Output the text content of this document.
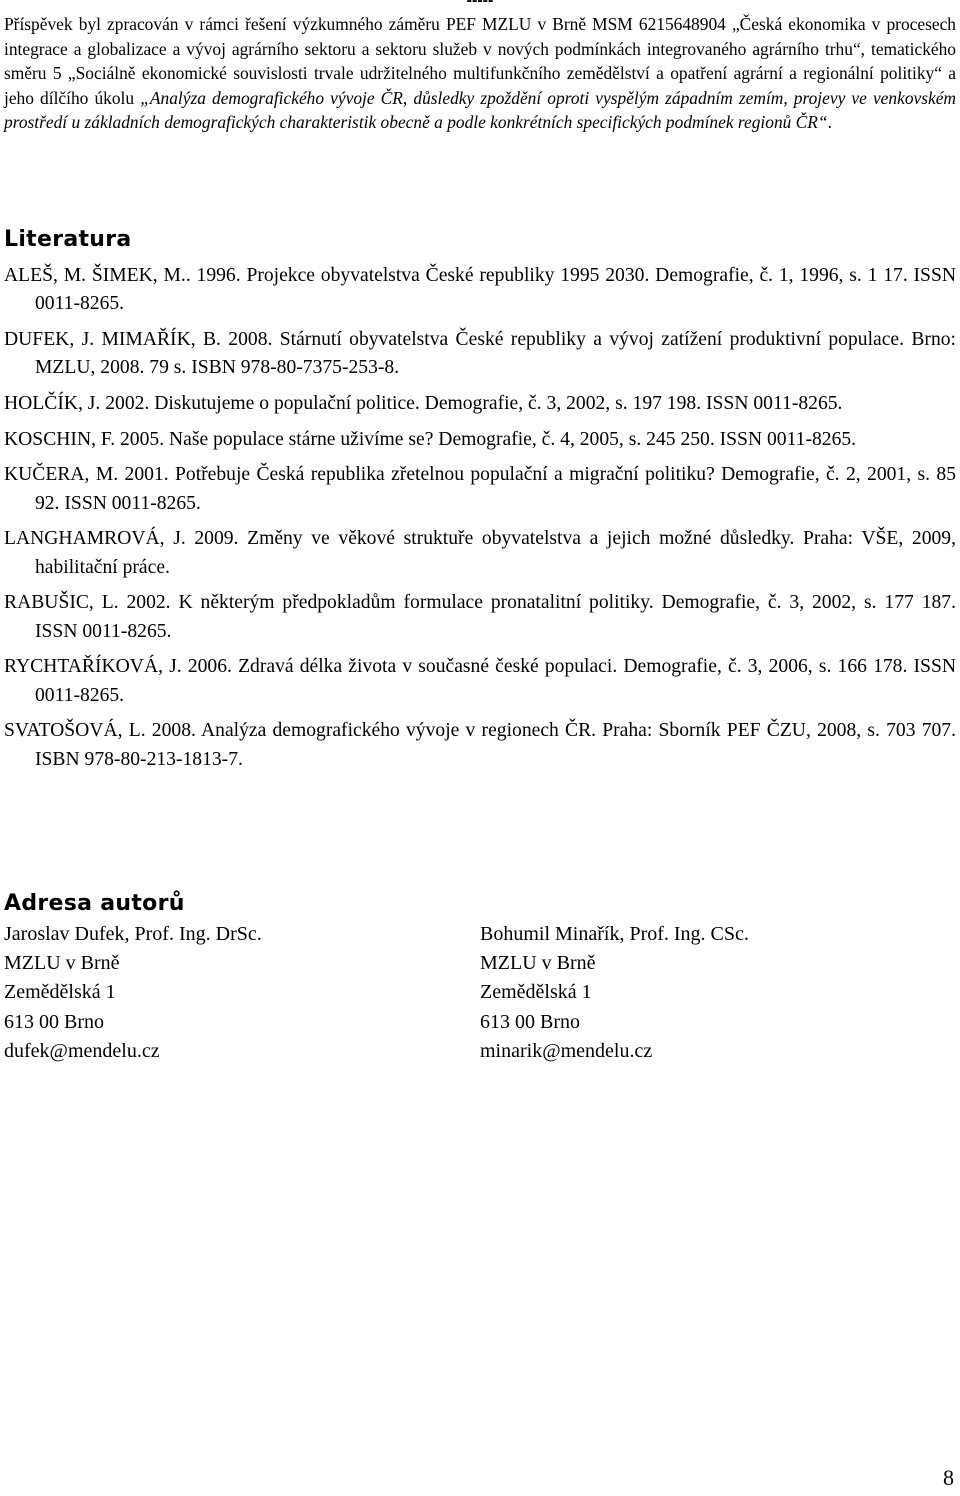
-----

Příspěvek byl zpracován v rámci řešení výzkumného záměru PEF MZLU v Brně MSM 6215648904 „Česká ekonomika v procesech integrace a globalizace a vývoj agrárního sektoru a sektoru služeb v nových podmínkách integrovaného agrárního trhu“, tematického směru 5 „Sociálně ekonomické souvislosti trvale udržitelného multifunkčního zemědělství a opatření agrární a regionální politiky“ a jeho dílčího úkolu „Analýza demografického vývoje ČR, důsledky zpoždění oproti vyspělým západním zemím, projevy ve venkovském prostředí u základních demografických charakteristik obecně a podle konkrétních specifických podmínek regionů ČR“.

Literatura
ALEŠ, M. ŠIMEK, M.. 1996. Projekce obyvatelstva České republiky 1995 2030. Demografie, č. 1, 1996, s. 1 17. ISSN 0011-8265.
DUFEK, J. MIMAŘÍK, B. 2008. Stárnutí obyvatelstva České republiky a vývoj zatížení produktivní populace. Brno: MZLU, 2008. 79 s. ISBN 978-80-7375-253-8.
HOLČÍK, J. 2002. Diskutujeme o populační politice. Demografie, č. 3, 2002, s. 197 198. ISSN 0011-8265.
KOSCHIN, F. 2005. Naše populace stárne uživíme se? Demografie, č. 4, 2005, s. 245 250. ISSN 0011-8265.
KUČERA, M. 2001. Potřebuje Česká republika zřetelnou populační a migrační politiku? Demografie, č. 2, 2001, s. 85 92. ISSN 0011-8265.
LANGHAMROVÁ, J. 2009. Změny ve věkové struktuře obyvatelstva a jejich možné důsledky. Praha: VŠE, 2009, habilitační práce.
RABUŠIC, L. 2002. K některým předpokladům formulace pronatalitní politiky. Demografie, č. 3, 2002, s. 177 187. ISSN 0011-8265.
RYCHTAŘÍKOVÁ, J. 2006. Zdravá délka života v současné české populaci. Demografie, č. 3, 2006, s. 166 178. ISSN 0011-8265.
SVATOŠOVÁ, L. 2008. Analýza demografického vývoje v regionech ČR. Praha: Sborník PEF ČZU, 2008, s. 703 707. ISBN 978-80-213-1813-7.
Adresa autorů
Jaroslav Dufek, Prof. Ing. DrSc.
MZLU v Brně
Zemědělská 1
613 00 Brno
dufek@mendelu.cz
Bohumil Minařík, Prof. Ing. CSc.
MZLU v Brně
Zemědělská 1
613 00 Brno
minarik@mendelu.cz
8
